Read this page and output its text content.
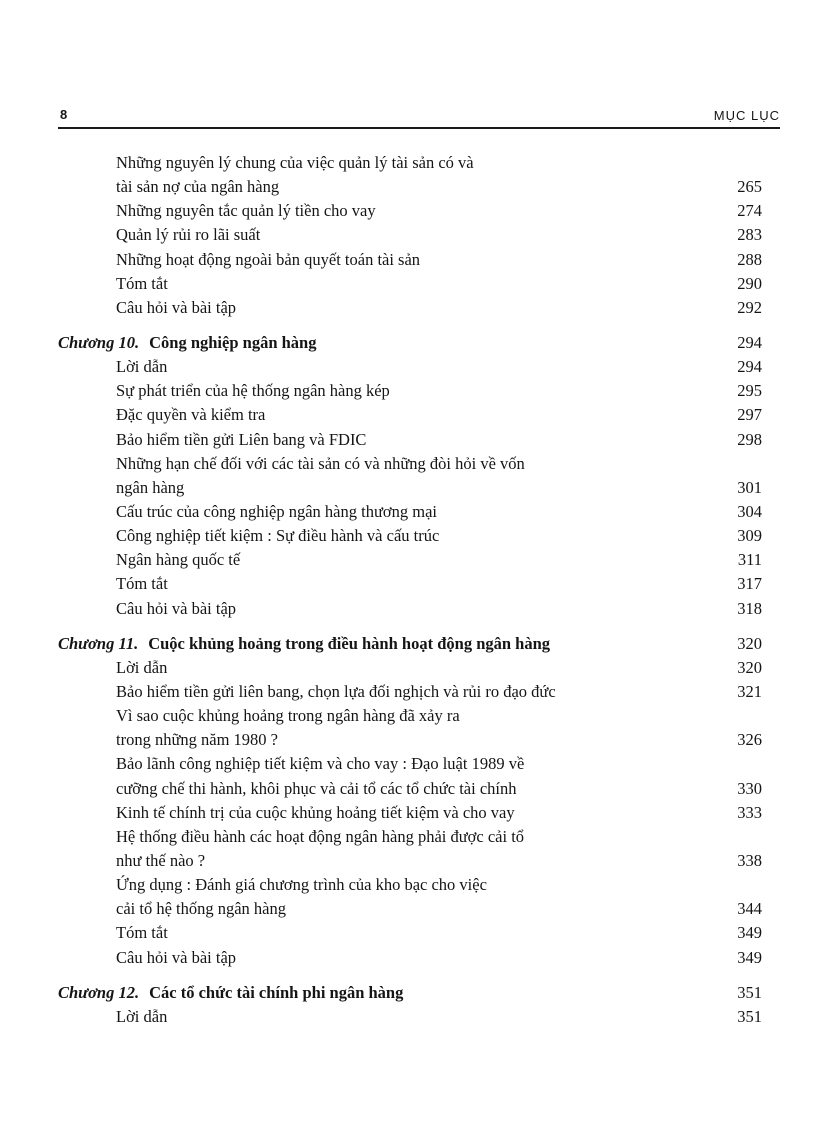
8	MỤC LỤC
Những nguyên lý chung của việc quản lý tài sản có và
tài sản nợ của ngân hàng	265
Những nguyên tắc quản lý tiền cho vay	274
Quản lý rủi ro lãi suất	283
Những hoạt động ngoài bản quyết toán tài sản	288
Tóm tắt	290
Câu hỏi và bài tập	292
Chương 10. Công nghiệp ngân hàng	294
Lời dẫn	294
Sự phát triển của hệ thống ngân hàng kép	295
Đặc quyền và kiểm tra	297
Bảo hiểm tiền gửi Liên bang và FDIC	298
Những hạn chế đối với các tài sản có và những đòi hỏi về vốn
ngân hàng	301
Cấu trúc của công nghiệp ngân hàng thương mại	304
Công nghiệp tiết kiệm : Sự điều hành và cấu trúc	309
Ngân hàng quốc tế	311
Tóm tắt	317
Câu hỏi và bài tập	318
Chương 11. Cuộc khủng hoảng trong điều hành hoạt động ngân hàng	320
Lời dẫn	320
Bảo hiểm tiền gửi liên bang, chọn lựa đối nghịch và rủi ro đạo đức	321
Vì sao cuộc khủng hoảng trong ngân hàng đã xảy ra
trong những năm 1980 ?	326
Bảo lãnh công nghiệp tiết kiệm và cho vay : Đạo luật 1989 về
cưỡng chế thi hành, khôi phục và cải tổ các tổ chức tài chính	330
Kinh tế chính trị của cuộc khủng hoảng tiết kiệm và cho vay	333
Hệ thống điều hành các hoạt động ngân hàng phải được cải tổ
như thế nào ?	338
Ứng dụng : Đánh giá chương trình của kho bạc cho việc
cải tổ hệ thống ngân hàng	344
Tóm tắt	349
Câu hỏi và bài tập	349
Chương 12. Các tổ chức tài chính phi ngân hàng	351
Lời dẫn	351
